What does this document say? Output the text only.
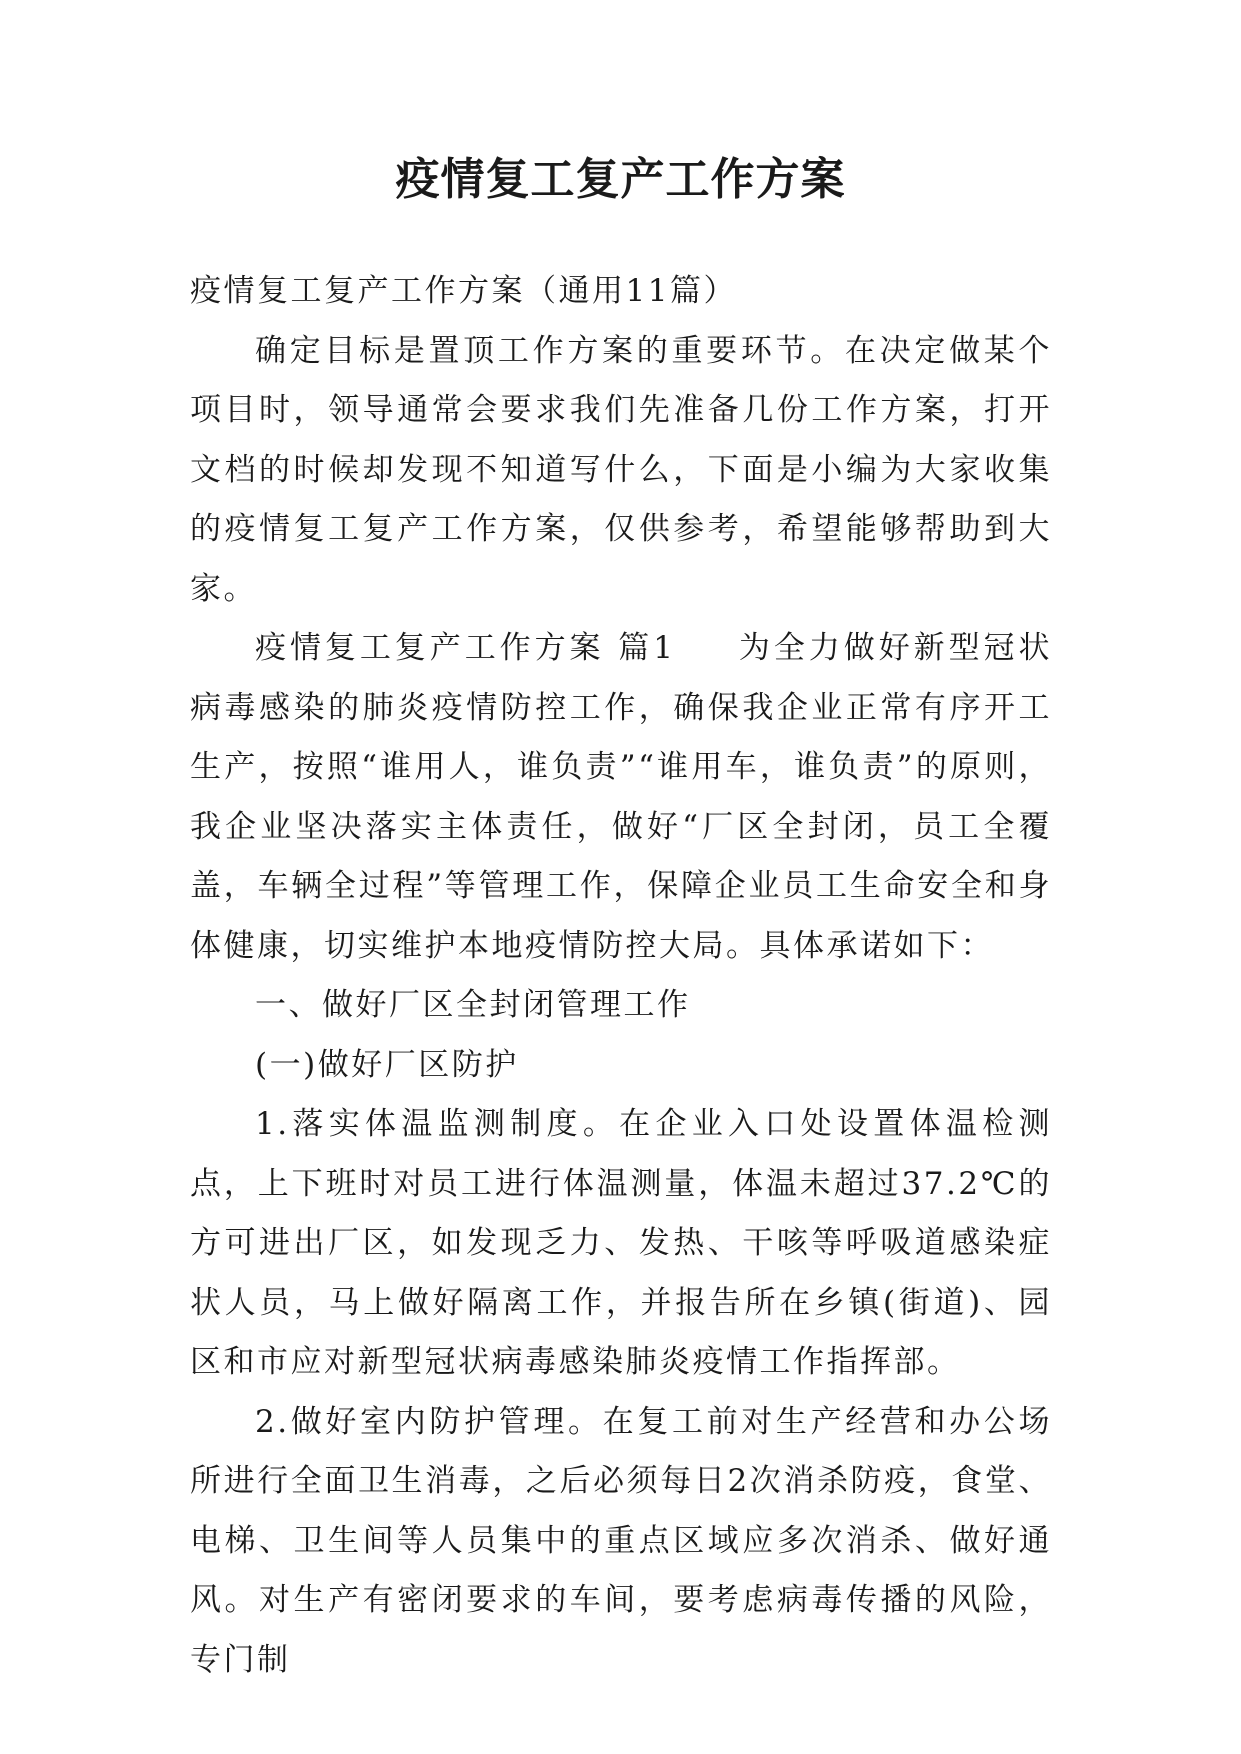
疫情复工复产工作方案

疫情复工复产工作方案（通用11篇）

确定目标是置顶工作方案的重要环节。在决定做某个项目时，领导通常会要求我们先准备几份工作方案，打开文档的时候却发现不知道写什么，下面是小编为大家收集的疫情复工复产工作方案，仅供参考，希望能够帮助到大家。

疫情复工复产工作方案 篇1 为全力做好新型冠状病毒感染的肺炎疫情防控工作，确保我企业正常有序开工生产，按照“谁用人，谁负责”“谁用车，谁负责”的原则，我企业坚决落实主体责任，做好“厂区全封闭，员工全覆盖，车辆全过程”等管理工作，保障企业员工生命安全和身体健康，切实维护本地疫情防控大局。具体承诺如下：

一、做好厂区全封闭管理工作

(一)做好厂区防护

1.落实体温监测制度。在企业入口处设置体温检测点，上下班时对员工进行体温测量，体温未超过37.2℃的方可进出厂区，如发现乏力、发热、干咳等呼吸道感染症状人员，马上做好隔离工作，并报告所在乡镇(街道)、园区和市应对新型冠状病毒感染肺炎疫情工作指挥部。

2.做好室内防护管理。在复工前对生产经营和办公场所进行全面卫生消毒，之后必须每日2次消杀防疫，食堂、电梯、卫生间等人员集中的重点区域应多次消杀、做好通风。对生产有密闭要求的车间，要考虑病毒传播的风险，专门制
